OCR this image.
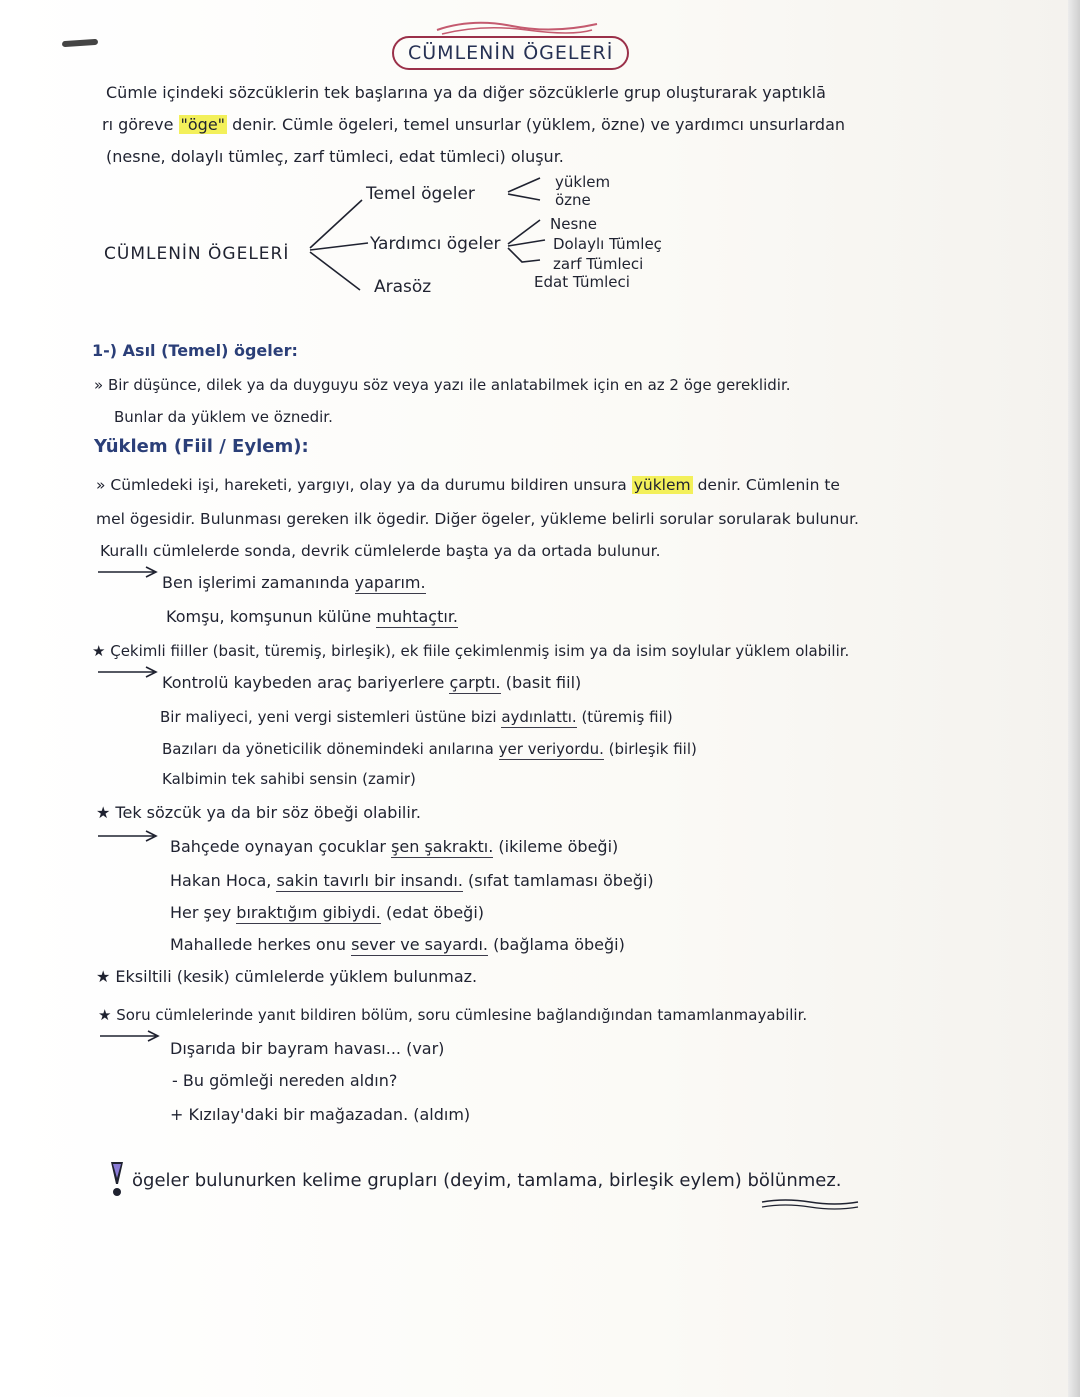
CÜMLENİN ÖGELERİ
Cümle içindeki sözcüklerin tek başlarına ya da diğer sözcüklerle grup oluşturarak yaptıklā
rı göreve "öge" denir. Cümle ögeleri, temel unsurlar (yüklem, özne) ve yardımcı unsurlardan
(nesne, dolaylı tümleç, zarf tümleci, edat tümleci) oluşur.
CÜMLENİN ÖGELERİ
Temel ögeler
yüklem
özne
Yardımcı ögeler
Nesne
Dolaylı Tümleç
zarf Tümleci
Edat Tümleci
Arasöz
1-) Asıl (Temel) ögeler:
» Bir düşünce, dilek ya da duyguyu söz veya yazı ile anlatabilmek için en az 2 öge gereklidir.
Bunlar da yüklem ve öznedir.
Yüklem (Fiil / Eylem):
» Cümledeki işi, hareketi, yargıyı, olay ya da durumu bildiren unsura yüklem denir. Cümlenin te
mel ögesidir. Bulunması gereken ilk ögedir. Diğer ögeler, yükleme belirli sorular sorularak bulunur.
Kurallı cümlelerde sonda, devrik cümlelerde başta ya da ortada bulunur.
Ben işlerimi zamanında yaparım.
Komşu, komşunun külüne muhtaçtır.
★ Çekimli fiiller (basit, türemiş, birleşik), ek fiile çekimlenmiş isim ya da isim soylular yüklem olabilir.
Kontrolü kaybeden araç bariyerlere çarptı. (basit fiil)
Bir maliyeci, yeni vergi sistemleri üstüne bizi aydınlattı. (türemiş fiil)
Bazıları da yöneticilik dönemindeki anılarına yer veriyordu. (birleşik fiil)
Kalbimin tek sahibi sensin (zamir)
★ Tek sözcük ya da bir söz öbeği olabilir.
Bahçede oynayan çocuklar şen şakraktı. (ikileme öbeği)
Hakan Hoca, sakin tavırlı bir insandı. (sıfat tamlaması öbeği)
Her şey bıraktığım gibiydi. (edat öbeği)
Mahallede herkes onu sever ve sayardı. (bağlama öbeği)
★ Eksiltili (kesik) cümlelerde yüklem bulunmaz.
★ Soru cümlelerinde yanıt bildiren bölüm, soru cümlesine bağlandığından tamamlanmayabilir.
Dışarıda bir bayram havası... (var)
- Bu gömleği nereden aldın?
+ Kızılay'daki bir mağazadan. (aldım)
ögeler bulunurken kelime grupları (deyim, tamlama, birleşik eylem) bölünmez.
